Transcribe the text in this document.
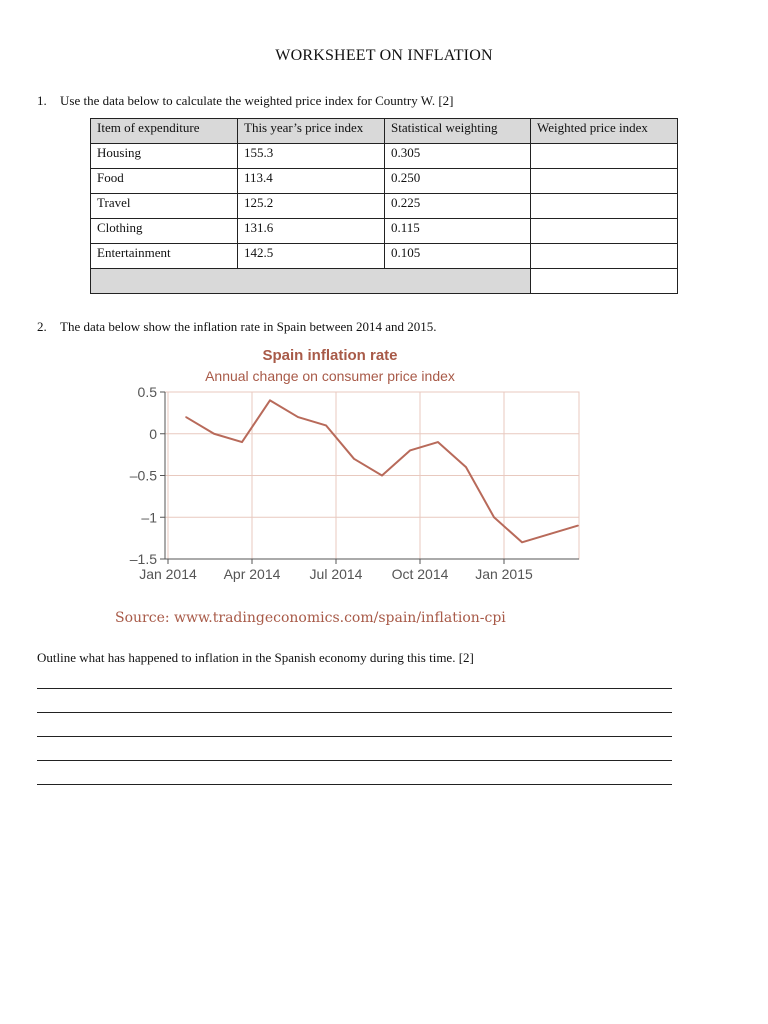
WORKSHEET ON INFLATION
1. Use the data below to calculate the weighted price index for Country W. [2]
Item of expenditure	This year’s price index	Statistical weighting	Weighted price index
Housing	155.3	0.305	
Food	113.4	0.250	
Travel	125.2	0.225	
Clothing	131.6	0.115	
Entertainment	142.5	0.105	

2. The data below show the inflation rate in Spain between 2014 and 2015.
Spain inflation rate
Annual change on consumer price index
0.5
0
–0.5
–1
–1.5
Jan 2014 Apr 2014 Jul 2014 Oct 2014 Jan 2015
Source: www.tradingeconomics.com/spain/inflation-cpi
Outline what has happened to inflation in the Spanish economy during this time. [2]
